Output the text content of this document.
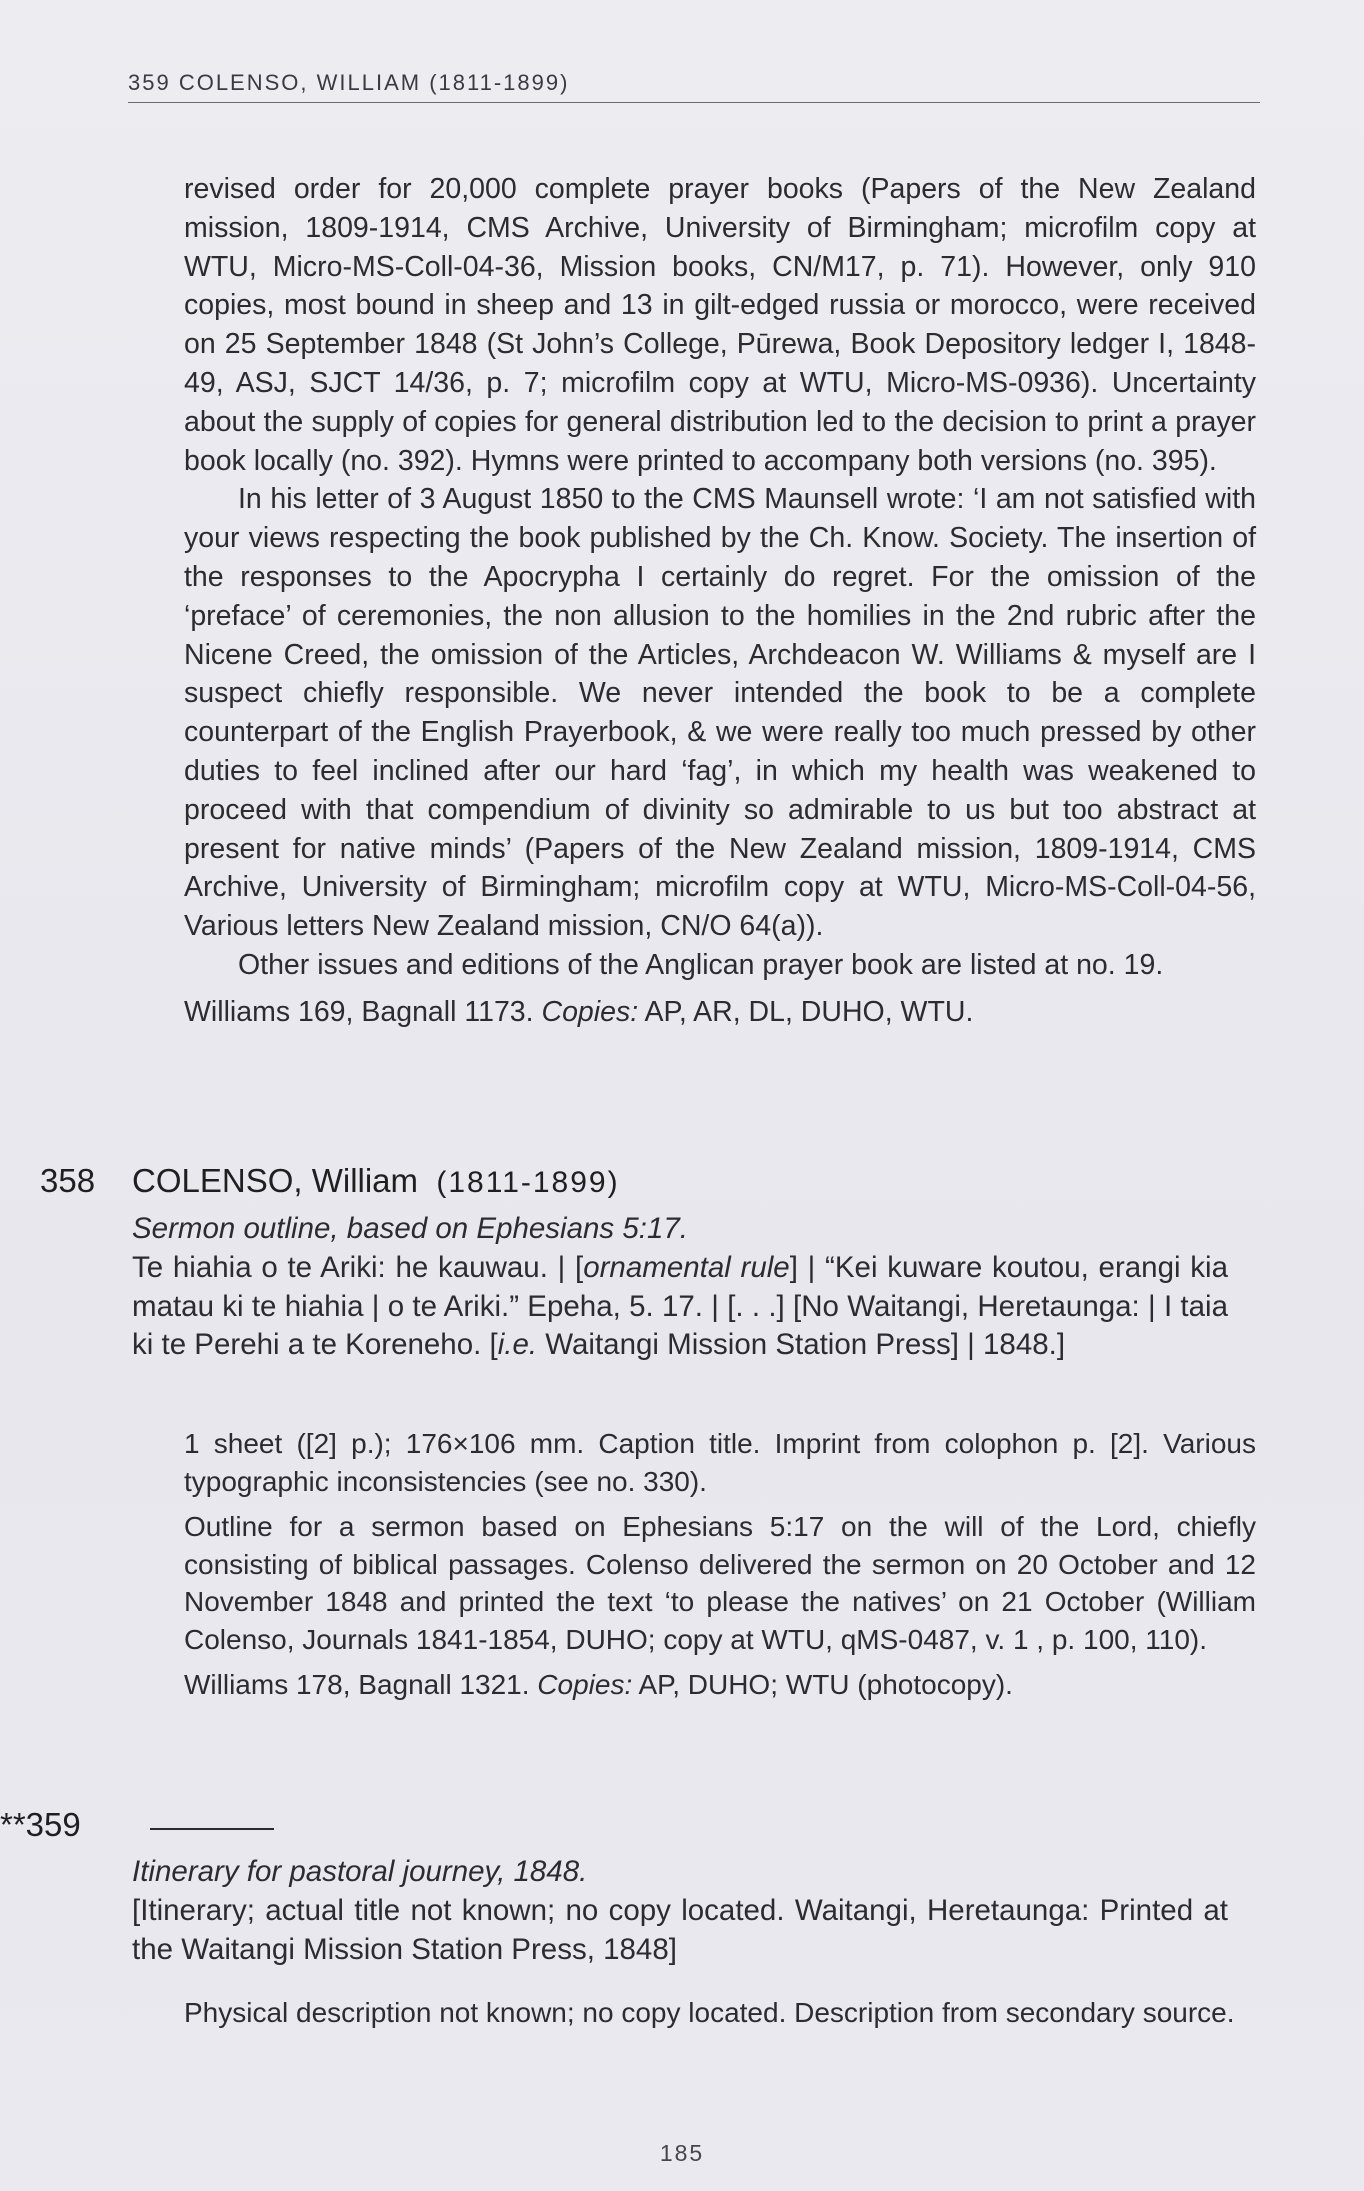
359 COLENSO, WILLIAM (1811-1899)

revised order for 20,000 complete prayer books (Papers of the New Zealand mission, 1809-1914, CMS Archive, University of Birmingham; microfilm copy at WTU, Micro-MS-Coll-04-36, Mission books, CN/M17, p. 71). However, only 910 copies, most bound in sheep and 13 in gilt-edged russia or morocco, were received on 25 September 1848 (St John’s College, Pūrewa, Book Depository ledger I, 1848-49, ASJ, SJCT 14/36, p. 7; microfilm copy at WTU, Micro-MS-0936). Uncertainty about the supply of copies for general distribution led to the decision to print a prayer book locally (no. 392). Hymns were printed to accompany both versions (no. 395).

In his letter of 3 August 1850 to the CMS Maunsell wrote: ‘I am not satisfied with your views respecting the book published by the Ch. Know. Society. The insertion of the responses to the Apocrypha I certainly do regret. For the omission of the ‘preface’ of ceremonies, the non allusion to the homilies in the 2nd rubric after the Nicene Creed, the omission of the Articles, Archdeacon W. Williams & myself are I suspect chiefly responsible. We never intended the book to be a complete counterpart of the English Prayerbook, & we were really too much pressed by other duties to feel inclined after our hard ‘fag’, in which my health was weakened to proceed with that compendium of divinity so admirable to us but too abstract at present for native minds’ (Papers of the New Zealand mission, 1809-1914, CMS Archive, University of Birmingham; microfilm copy at WTU, Micro-MS-Coll-04-56, Various letters New Zealand mission, CN/O 64(a)).

Other issues and editions of the Anglican prayer book are listed at no. 19.

Williams 169, Bagnall 1173. Copies: AP, AR, DL, DUHO, WTU.

358 COLENSO, William (1811-1899)

Sermon outline, based on Ephesians 5:17.

Te hiahia o te Ariki: he kauwau. | [ornamental rule] | “Kei kuware koutou, erangi kia matau ki te hiahia | o te Ariki.” Epeha, 5. 17. | [. . .] [No Waitangi, Heretaunga: | I taia ki te Perehi a te Koreneho. [i.e. Waitangi Mission Station Press] | 1848.]

1 sheet ([2] p.); 176×106 mm. Caption title. Imprint from colophon p. [2]. Various typographic inconsistencies (see no. 330).

Outline for a sermon based on Ephesians 5:17 on the will of the Lord, chiefly consisting of biblical passages. Colenso delivered the sermon on 20 October and 12 November 1848 and printed the text ‘to please the natives’ on 21 October (William Colenso, Journals 1841-1854, DUHO; copy at WTU, qMS-0487, v. 1 , p. 100, 110).

Williams 178, Bagnall 1321. Copies: AP, DUHO; WTU (photocopy).

**359

Itinerary for pastoral journey, 1848.

[Itinerary; actual title not known; no copy located. Waitangi, Heretaunga: Printed at the Waitangi Mission Station Press, 1848]

Physical description not known; no copy located. Description from secondary source.

185
